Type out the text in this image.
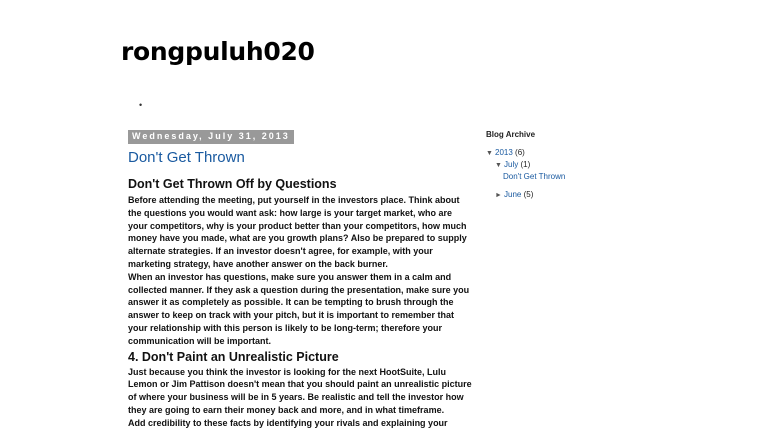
rongpuluh020
•
Wednesday, July 31, 2013
Don't Get Thrown
Don't Get Thrown Off by Questions

Before attending the meeting, put yourself in the investors place. Think about the questions you would want ask: how large is your target market, who are your competitors, why is your product better than your competitors, how much money have you made, what are you growth plans? Also be prepared to supply alternate strategies. If an investor doesn't agree, for example, with your marketing strategy, have another answer on the back burner.

When an investor has questions, make sure you answer them in a calm and collected manner. If they ask a question during the presentation, make sure you answer it as completely as possible. It can be tempting to brush through the answer to keep on track with your pitch, but it is important to remember that your relationship with this person is likely to be long-term; therefore your communication will be important.

4. Don't Paint an Unrealistic Picture

Just because you think the investor is looking for the next HootSuite, Lulu Lemon or Jim Pattison doesn't mean that you should paint an unrealistic picture of where your business will be in 5 years. Be realistic and tell the investor how they are going to earn their money back and more, and in what timeframe.

Add credibility to these facts by identifying your rivals and explaining your

Blog Archive
▼ 2013 (6)
▼ July (1)
Don't Get Thrown
► June (5)
